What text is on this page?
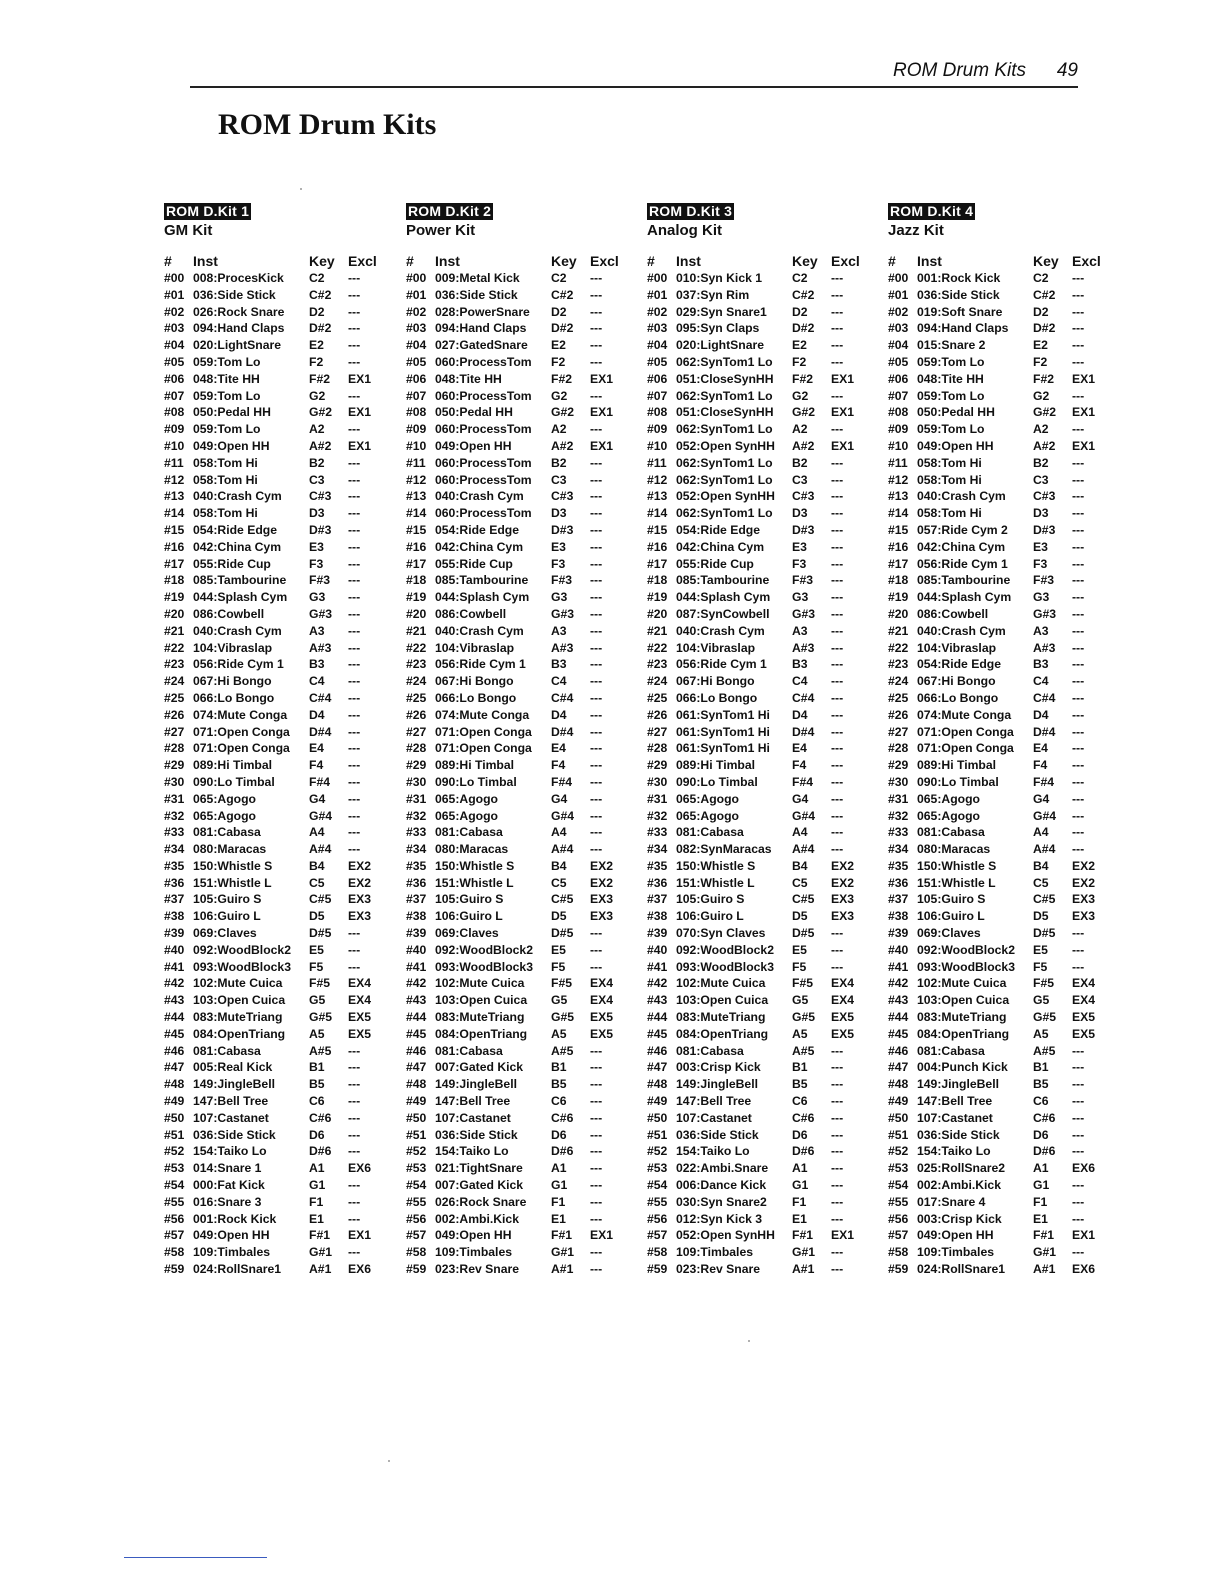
ROM Drum Kits 49
ROM Drum Kits
ROM D.Kit 1
GM Kit
#	Inst	Key	Excl
#00	008:ProcesKick	C2	---
#01	036:Side Stick	C#2	---
#02	026:Rock Snare	D2	---
#03	094:Hand Claps	D#2	---
#04	020:LightSnare	E2	---
#05	059:Tom Lo	F2	---
#06	048:Tite HH	F#2	EX1
#07	059:Tom Lo	G2	---
#08	050:Pedal HH	G#2	EX1
#09	059:Tom Lo	A2	---
#10	049:Open HH	A#2	EX1
#11	058:Tom Hi	B2	---
#12	058:Tom Hi	C3	---
#13	040:Crash Cym	C#3	---
#14	058:Tom Hi	D3	---
#15	054:Ride Edge	D#3	---
#16	042:China Cym	E3	---
#17	055:Ride Cup	F3	---
#18	085:Tambourine	F#3	---
#19	044:Splash Cym	G3	---
#20	086:Cowbell	G#3	---
#21	040:Crash Cym	A3	---
#22	104:Vibraslap	A#3	---
#23	056:Ride Cym 1	B3	---
#24	067:Hi Bongo	C4	---
#25	066:Lo Bongo	C#4	---
#26	074:Mute Conga	D4	---
#27	071:Open Conga	D#4	---
#28	071:Open Conga	E4	---
#29	089:Hi Timbal	F4	---
#30	090:Lo Timbal	F#4	---
#31	065:Agogo	G4	---
#32	065:Agogo	G#4	---
#33	081:Cabasa	A4	---
#34	080:Maracas	A#4	---
#35	150:Whistle S	B4	EX2
#36	151:Whistle L	C5	EX2
#37	105:Guiro S	C#5	EX3
#38	106:Guiro L	D5	EX3
#39	069:Claves	D#5	---
#40	092:WoodBlock2	E5	---
#41	093:WoodBlock3	F5	---
#42	102:Mute Cuica	F#5	EX4
#43	103:Open Cuica	G5	EX4
#44	083:MuteTriang	G#5	EX5
#45	084:OpenTriang	A5	EX5
#46	081:Cabasa	A#5	---
#47	005:Real Kick	B1	---
#48	149:JingleBell	B5	---
#49	147:Bell Tree	C6	---
#50	107:Castanet	C#6	---
#51	036:Side Stick	D6	---
#52	154:Taiko Lo	D#6	---
#53	014:Snare 1	A1	EX6
#54	000:Fat Kick	G1	---
#55	016:Snare 3	F1	---
#56	001:Rock Kick	E1	---
#57	049:Open HH	F#1	EX1
#58	109:Timbales	G#1	---
#59	024:RollSnare1	A#1	EX6
ROM D.Kit 2
Power Kit
#	Inst	Key	Excl
#00	009:Metal Kick	C2	---
#01	036:Side Stick	C#2	---
#02	028:PowerSnare	D2	---
#03	094:Hand Claps	D#2	---
#04	027:GatedSnare	E2	---
#05	060:ProcessTom	F2	---
#06	048:Tite HH	F#2	EX1
#07	060:ProcessTom	G2	---
#08	050:Pedal HH	G#2	EX1
#09	060:ProcessTom	A2	---
#10	049:Open HH	A#2	EX1
#11	060:ProcessTom	B2	---
#12	060:ProcessTom	C3	---
#13	040:Crash Cym	C#3	---
#14	060:ProcessTom	D3	---
#15	054:Ride Edge	D#3	---
#16	042:China Cym	E3	---
#17	055:Ride Cup	F3	---
#18	085:Tambourine	F#3	---
#19	044:Splash Cym	G3	---
#20	086:Cowbell	G#3	---
#21	040:Crash Cym	A3	---
#22	104:Vibraslap	A#3	---
#23	056:Ride Cym 1	B3	---
#24	067:Hi Bongo	C4	---
#25	066:Lo Bongo	C#4	---
#26	074:Mute Conga	D4	---
#27	071:Open Conga	D#4	---
#28	071:Open Conga	E4	---
#29	089:Hi Timbal	F4	---
#30	090:Lo Timbal	F#4	---
#31	065:Agogo	G4	---
#32	065:Agogo	G#4	---
#33	081:Cabasa	A4	---
#34	080:Maracas	A#4	---
#35	150:Whistle S	B4	EX2
#36	151:Whistle L	C5	EX2
#37	105:Guiro S	C#5	EX3
#38	106:Guiro L	D5	EX3
#39	069:Claves	D#5	---
#40	092:WoodBlock2	E5	---
#41	093:WoodBlock3	F5	---
#42	102:Mute Cuica	F#5	EX4
#43	103:Open Cuica	G5	EX4
#44	083:MuteTriang	G#5	EX5
#45	084:OpenTriang	A5	EX5
#46	081:Cabasa	A#5	---
#47	007:Gated Kick	B1	---
#48	149:JingleBell	B5	---
#49	147:Bell Tree	C6	---
#50	107:Castanet	C#6	---
#51	036:Side Stick	D6	---
#52	154:Taiko Lo	D#6	---
#53	021:TightSnare	A1	---
#54	007:Gated Kick	G1	---
#55	026:Rock Snare	F1	---
#56	002:Ambi.Kick	E1	---
#57	049:Open HH	F#1	EX1
#58	109:Timbales	G#1	---
#59	023:Rev Snare	A#1	---
ROM D.Kit 3
Analog Kit
#	Inst	Key	Excl
#00	010:Syn Kick 1	C2	---
#01	037:Syn Rim	C#2	---
#02	029:Syn Snare1	D2	---
#03	095:Syn Claps	D#2	---
#04	020:LightSnare	E2	---
#05	062:SynTom1 Lo	F2	---
#06	051:CloseSynHH	F#2	EX1
#07	062:SynTom1 Lo	G2	---
#08	051:CloseSynHH	G#2	EX1
#09	062:SynTom1 Lo	A2	---
#10	052:Open SynHH	A#2	EX1
#11	062:SynTom1 Lo	B2	---
#12	062:SynTom1 Lo	C3	---
#13	052:Open SynHH	C#3	---
#14	062:SynTom1 Lo	D3	---
#15	054:Ride Edge	D#3	---
#16	042:China Cym	E3	---
#17	055:Ride Cup	F3	---
#18	085:Tambourine	F#3	---
#19	044:Splash Cym	G3	---
#20	087:SynCowbell	G#3	---
#21	040:Crash Cym	A3	---
#22	104:Vibraslap	A#3	---
#23	056:Ride Cym 1	B3	---
#24	067:Hi Bongo	C4	---
#25	066:Lo Bongo	C#4	---
#26	061:SynTom1 Hi	D4	---
#27	061:SynTom1 Hi	D#4	---
#28	061:SynTom1 Hi	E4	---
#29	089:Hi Timbal	F4	---
#30	090:Lo Timbal	F#4	---
#31	065:Agogo	G4	---
#32	065:Agogo	G#4	---
#33	081:Cabasa	A4	---
#34	082:SynMaracas	A#4	---
#35	150:Whistle S	B4	EX2
#36	151:Whistle L	C5	EX2
#37	105:Guiro S	C#5	EX3
#38	106:Guiro L	D5	EX3
#39	070:Syn Claves	D#5	---
#40	092:WoodBlock2	E5	---
#41	093:WoodBlock3	F5	---
#42	102:Mute Cuica	F#5	EX4
#43	103:Open Cuica	G5	EX4
#44	083:MuteTriang	G#5	EX5
#45	084:OpenTriang	A5	EX5
#46	081:Cabasa	A#5	---
#47	003:Crisp Kick	B1	---
#48	149:JingleBell	B5	---
#49	147:Bell Tree	C6	---
#50	107:Castanet	C#6	---
#51	036:Side Stick	D6	---
#52	154:Taiko Lo	D#6	---
#53	022:Ambi.Snare	A1	---
#54	006:Dance Kick	G1	---
#55	030:Syn Snare2	F1	---
#56	012:Syn Kick 3	E1	---
#57	052:Open SynHH	F#1	EX1
#58	109:Timbales	G#1	---
#59	023:Rev Snare	A#1	---
ROM D.Kit 4
Jazz Kit
#	Inst	Key	Excl
#00	001:Rock Kick	C2	---
#01	036:Side Stick	C#2	---
#02	019:Soft Snare	D2	---
#03	094:Hand Claps	D#2	---
#04	015:Snare 2	E2	---
#05	059:Tom Lo	F2	---
#06	048:Tite HH	F#2	EX1
#07	059:Tom Lo	G2	---
#08	050:Pedal HH	G#2	EX1
#09	059:Tom Lo	A2	---
#10	049:Open HH	A#2	EX1
#11	058:Tom Hi	B2	---
#12	058:Tom Hi	C3	---
#13	040:Crash Cym	C#3	---
#14	058:Tom Hi	D3	---
#15	057:Ride Cym 2	D#3	---
#16	042:China Cym	E3	---
#17	056:Ride Cym 1	F3	---
#18	085:Tambourine	F#3	---
#19	044:Splash Cym	G3	---
#20	086:Cowbell	G#3	---
#21	040:Crash Cym	A3	---
#22	104:Vibraslap	A#3	---
#23	054:Ride Edge	B3	---
#24	067:Hi Bongo	C4	---
#25	066:Lo Bongo	C#4	---
#26	074:Mute Conga	D4	---
#27	071:Open Conga	D#4	---
#28	071:Open Conga	E4	---
#29	089:Hi Timbal	F4	---
#30	090:Lo Timbal	F#4	---
#31	065:Agogo	G4	---
#32	065:Agogo	G#4	---
#33	081:Cabasa	A4	---
#34	080:Maracas	A#4	---
#35	150:Whistle S	B4	EX2
#36	151:Whistle L	C5	EX2
#37	105:Guiro S	C#5	EX3
#38	106:Guiro L	D5	EX3
#39	069:Claves	D#5	---
#40	092:WoodBlock2	E5	---
#41	093:WoodBlock3	F5	---
#42	102:Mute Cuica	F#5	EX4
#43	103:Open Cuica	G5	EX4
#44	083:MuteTriang	G#5	EX5
#45	084:OpenTriang	A5	EX5
#46	081:Cabasa	A#5	---
#47	004:Punch Kick	B1	---
#48	149:JingleBell	B5	---
#49	147:Bell Tree	C6	---
#50	107:Castanet	C#6	---
#51	036:Side Stick	D6	---
#52	154:Taiko Lo	D#6	---
#53	025:RollSnare2	A1	EX6
#54	002:Ambi.Kick	G1	---
#55	017:Snare 4	F1	---
#56	003:Crisp Kick	E1	---
#57	049:Open HH	F#1	EX1
#58	109:Timbales	G#1	---
#59	024:RollSnare1	A#1	EX6
